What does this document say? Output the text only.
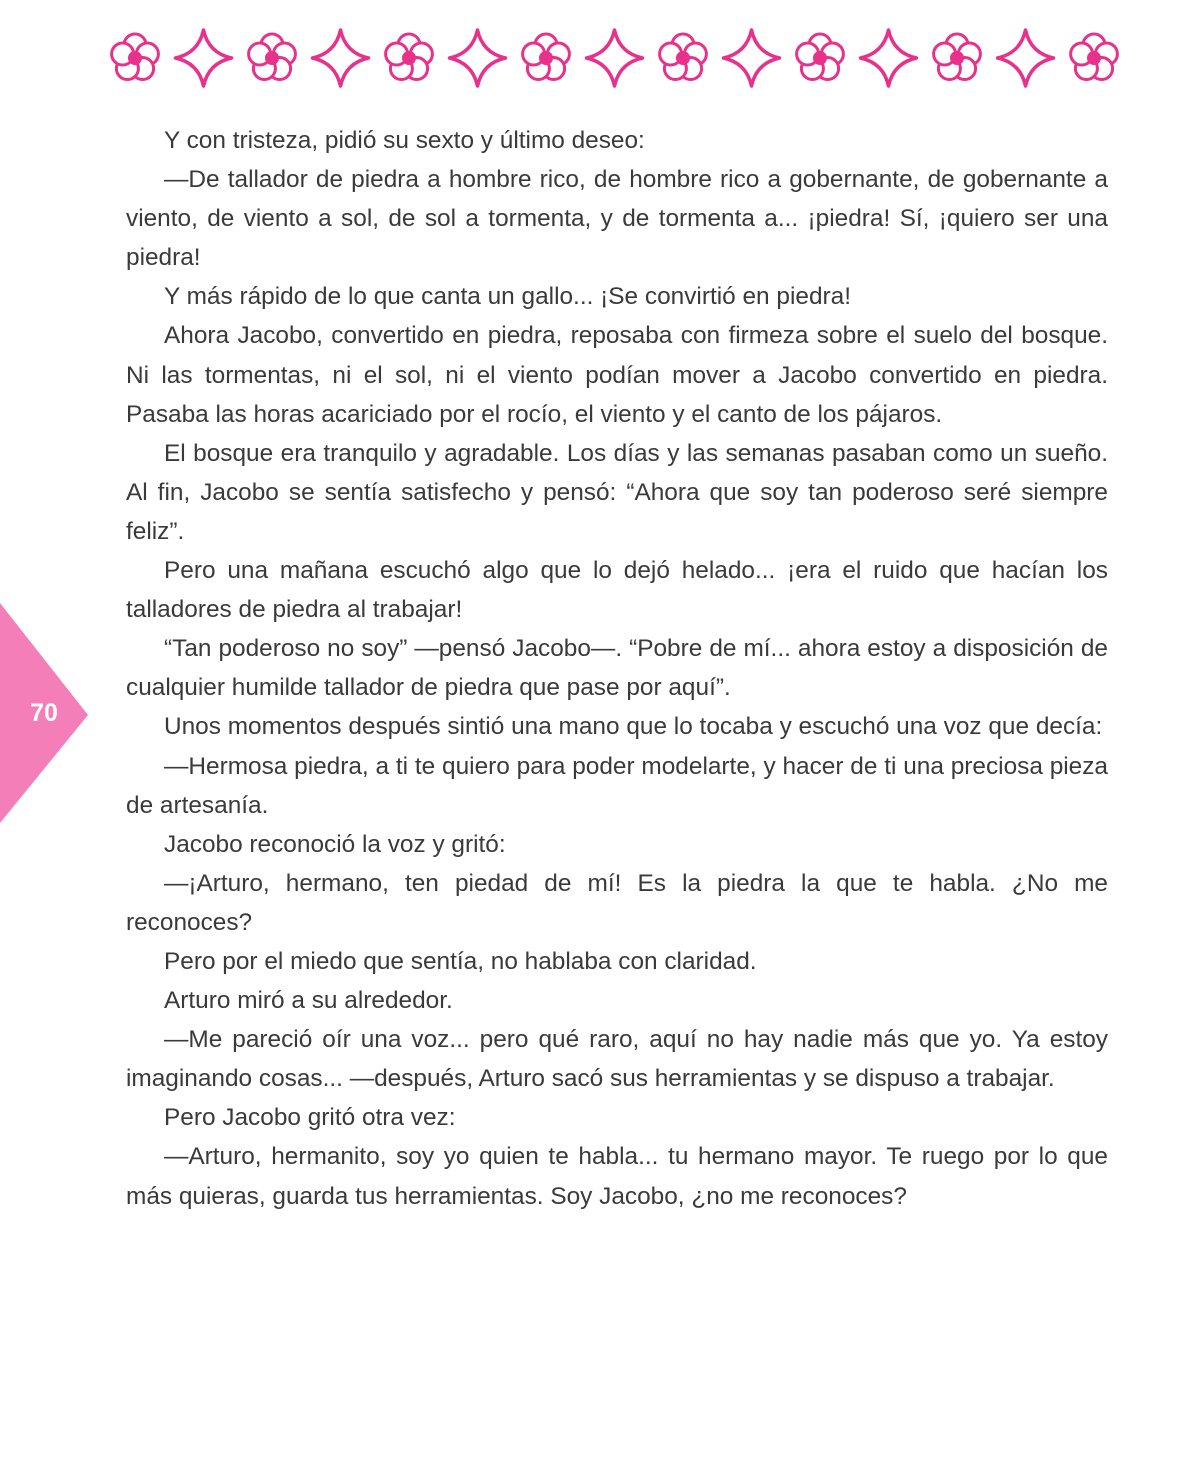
70

Y con tristeza, pidió su sexto y último deseo:

—De tallador de piedra a hombre rico, de hombre rico a gobernante, de gobernante a viento, de viento a sol, de sol a tormenta, y de tormenta a... ¡piedra! Sí, ¡quiero ser una piedra!

Y más rápido de lo que canta un gallo... ¡Se convirtió en piedra!

Ahora Jacobo, convertido en piedra, reposaba con firmeza sobre el suelo del bosque. Ni las tormentas, ni el sol, ni el viento podían mover a Jacobo convertido en piedra. Pasaba las horas acariciado por el rocío, el viento y el canto de los pájaros.

El bosque era tranquilo y agradable. Los días y las semanas pasaban como un sueño. Al fin, Jacobo se sentía satisfecho y pensó: “Ahora que soy tan poderoso seré siempre feliz”.

Pero una mañana escuchó algo que lo dejó helado... ¡era el ruido que hacían los talladores de piedra al trabajar!

“Tan poderoso no soy” —pensó Jacobo—. “Pobre de mí... ahora estoy a disposición de cualquier humilde tallador de piedra que pase por aquí”.

Unos momentos después sintió una mano que lo tocaba y escuchó una voz que decía:

—Hermosa piedra, a ti te quiero para poder modelarte, y hacer de ti una preciosa pieza de artesanía.

Jacobo reconoció la voz y gritó:

—¡Arturo, hermano, ten piedad de mí! Es la piedra la que te habla. ¿No me reconoces?

Pero por el miedo que sentía, no hablaba con claridad.

Arturo miró a su alrededor.

—Me pareció oír una voz... pero qué raro, aquí no hay nadie más que yo. Ya estoy imaginando cosas... —después, Arturo sacó sus herramientas y se dispuso a trabajar.

Pero Jacobo gritó otra vez:

—Arturo, hermanito, soy yo quien te habla... tu hermano mayor. Te ruego por lo que más quieras, guarda tus herramientas. Soy Jacobo, ¿no me reconoces?
